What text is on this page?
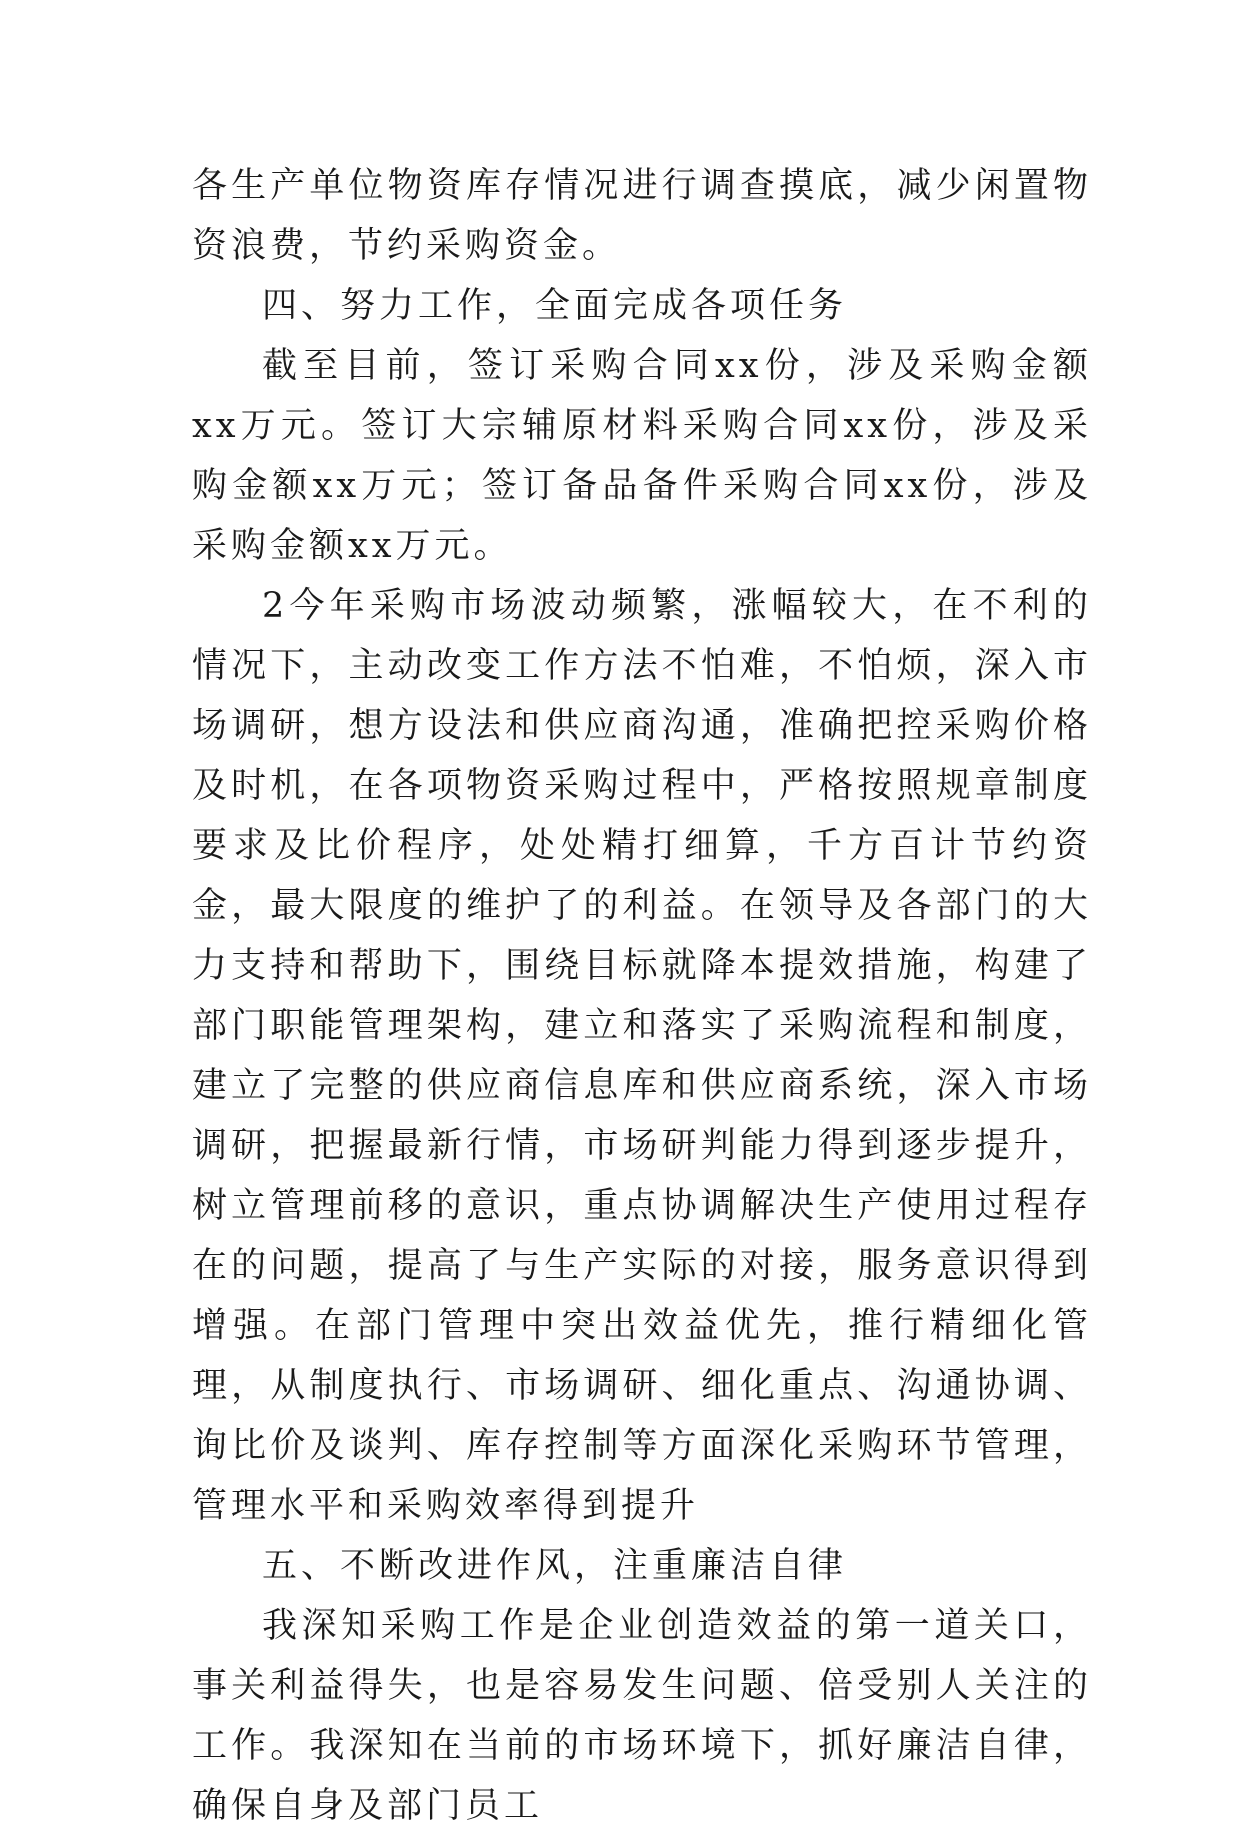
各生产单位物资库存情况进行调查摸底，减少闲置物资浪费，节约采购资金。

四、努力工作，全面完成各项任务

截至目前，签订采购合同xx份，涉及采购金额xx万元。签订大宗辅原材料采购合同xx份，涉及采购金额xx万元；签订备品备件采购合同xx份，涉及采购金额xx万元。

2今年采购市场波动频繁，涨幅较大，在不利的情况下，主动改变工作方法不怕难，不怕烦，深入市场调研，想方设法和供应商沟通，准确把控采购价格及时机，在各项物资采购过程中，严格按照规章制度要求及比价程序，处处精打细算，千方百计节约资金，最大限度的维护了的利益。在领导及各部门的大力支持和帮助下，围绕目标就降本提效措施，构建了部门职能管理架构，建立和落实了采购流程和制度，建立了完整的供应商信息库和供应商系统，深入市场调研，把握最新行情，市场研判能力得到逐步提升，树立管理前移的意识，重点协调解决生产使用过程存在的问题，提高了与生产实际的对接，服务意识得到增强。在部门管理中突出效益优先，推行精细化管理，从制度执行、市场调研、细化重点、沟通协调、询比价及谈判、库存控制等方面深化采购环节管理，管理水平和采购效率得到提升

五、不断改进作风，注重廉洁自律

我深知采购工作是企业创造效益的第一道关口，事关利益得失，也是容易发生问题、倍受别人关注的工作。我深知在当前的市场环境下，抓好廉洁自律，确保自身及部门员工
